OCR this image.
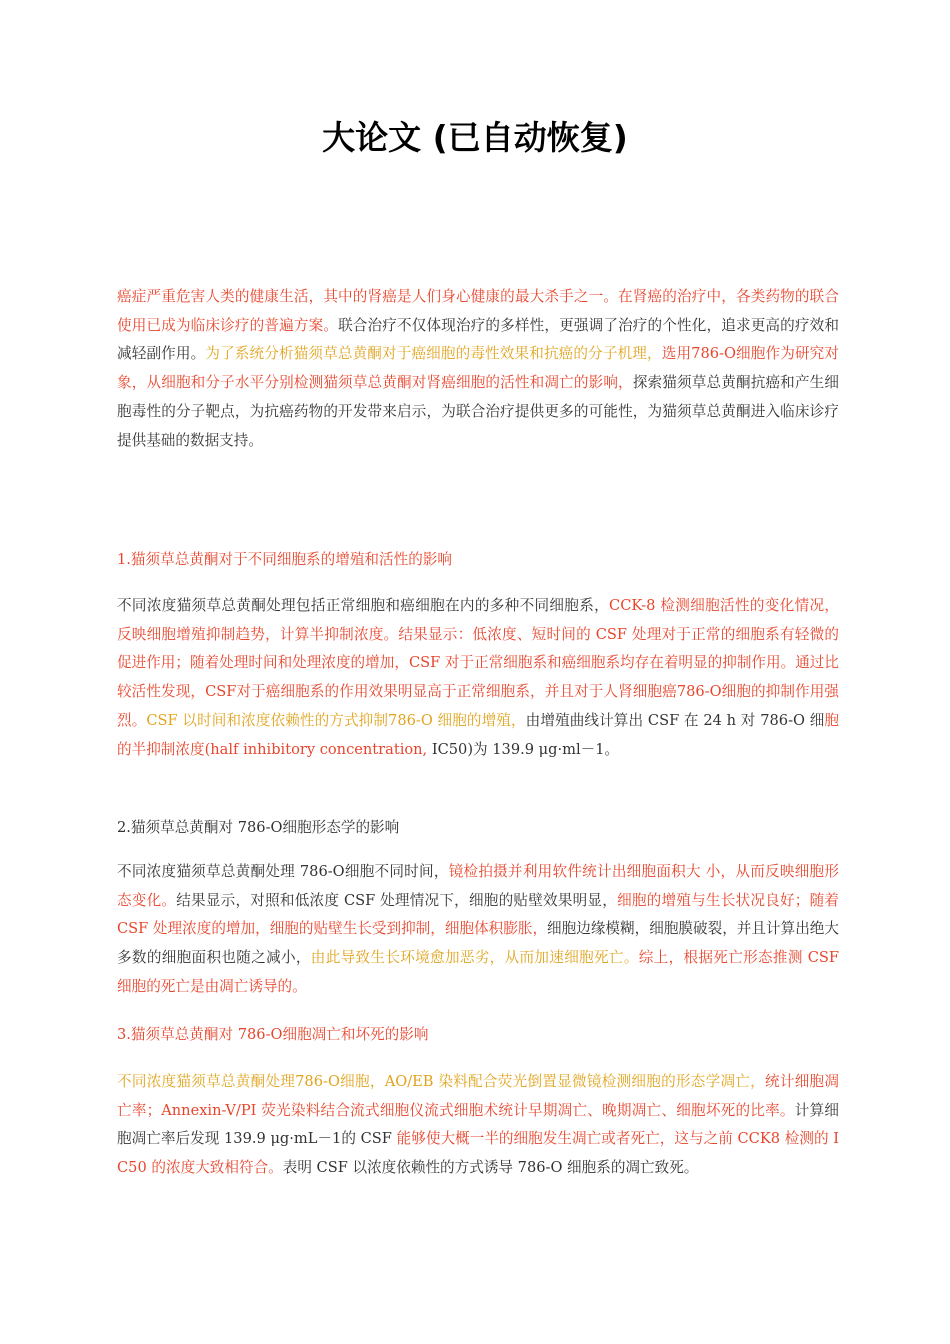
大论文 (已自动恢复)

癌症严重危害人类的健康生活，其中的肾癌是人们身心健康的最大杀手之一。在肾癌的治疗中，各类药物的联合使用已成为临床诊疗的普遍方案。联合治疗不仅体现治疗的多样性，更强调了治疗的个性化，追求更高的疗效和减轻副作用。为了系统分析猫须草总黄酮对于癌细胞的毒性效果和抗癌的分子机理，选用786-O细胞作为研究对象，从细胞和分子水平分别检测猫须草总黄酮对肾癌细胞的活性和凋亡的影响，探索猫须草总黄酮抗癌和产生细胞毒性的分子靶点，为抗癌药物的开发带来启示，为联合治疗提供更多的可能性，为猫须草总黄酮进入临床诊疗提供基础的数据支持。

1.猫须草总黄酮对于不同细胞系的增殖和活性的影响

不同浓度猫须草总黄酮处理包括正常细胞和癌细胞在内的多种不同细胞系，CCK-8 检测细胞活性的变化情况，反映细胞增殖抑制趋势，计算半抑制浓度。结果显示：低浓度、短时间的 CSF 处理对于正常的细胞系有轻微的促进作用；随着处理时间和处理浓度的增加，CSF 对于正常细胞系和癌细胞系均存在着明显的抑制作用。通过比较活性发现，CSF对于癌细胞系的作用效果明显高于正常细胞系，并且对于人肾细胞癌786-O细胞的抑制作用强烈。CSF 以时间和浓度依赖性的方式抑制786-O 细胞的增殖，由增殖曲线计算出 CSF 在 24 h 对 786-O 细胞的半抑制浓度(half inhibitory concentration, IC50)为 139.9 μg·ml－1。

2.猫须草总黄酮对 786-O细胞形态学的影响

不同浓度猫须草总黄酮处理 786-O细胞不同时间，镜检拍摄并利用软件统计出细胞面积大 小，从而反映细胞形态变化。结果显示，对照和低浓度 CSF 处理情况下，细胞的贴壁效果明显，细胞的增殖与生长状况良好；随着 CSF 处理浓度的增加，细胞的贴壁生长受到抑制，细胞体积膨胀，细胞边缘模糊，细胞膜破裂，并且计算出绝大多数的细胞面积也随之减小，由此导致生长环境愈加恶劣，从而加速细胞死亡。综上，根据死亡形态推测 CSF 细胞的死亡是由凋亡诱导的。

3.猫须草总黄酮对 786-O细胞凋亡和坏死的影响

不同浓度猫须草总黄酮处理786-O细胞，AO/EB 染料配合荧光倒置显微镜检测细胞的形态学凋亡，统计细胞凋亡率；Annexin-V/PI 荧光染料结合流式细胞仪流式细胞术统计早期凋亡、晚期凋亡、细胞坏死的比率。计算细胞凋亡率后发现 139.9 μg·mL－1的 CSF 能够使大概一半的细胞发生凋亡或者死亡，这与之前 CCK8 检测的 IC50 的浓度大致相符合。表明 CSF 以浓度依赖性的方式诱导 786-O 细胞系的凋亡致死。
